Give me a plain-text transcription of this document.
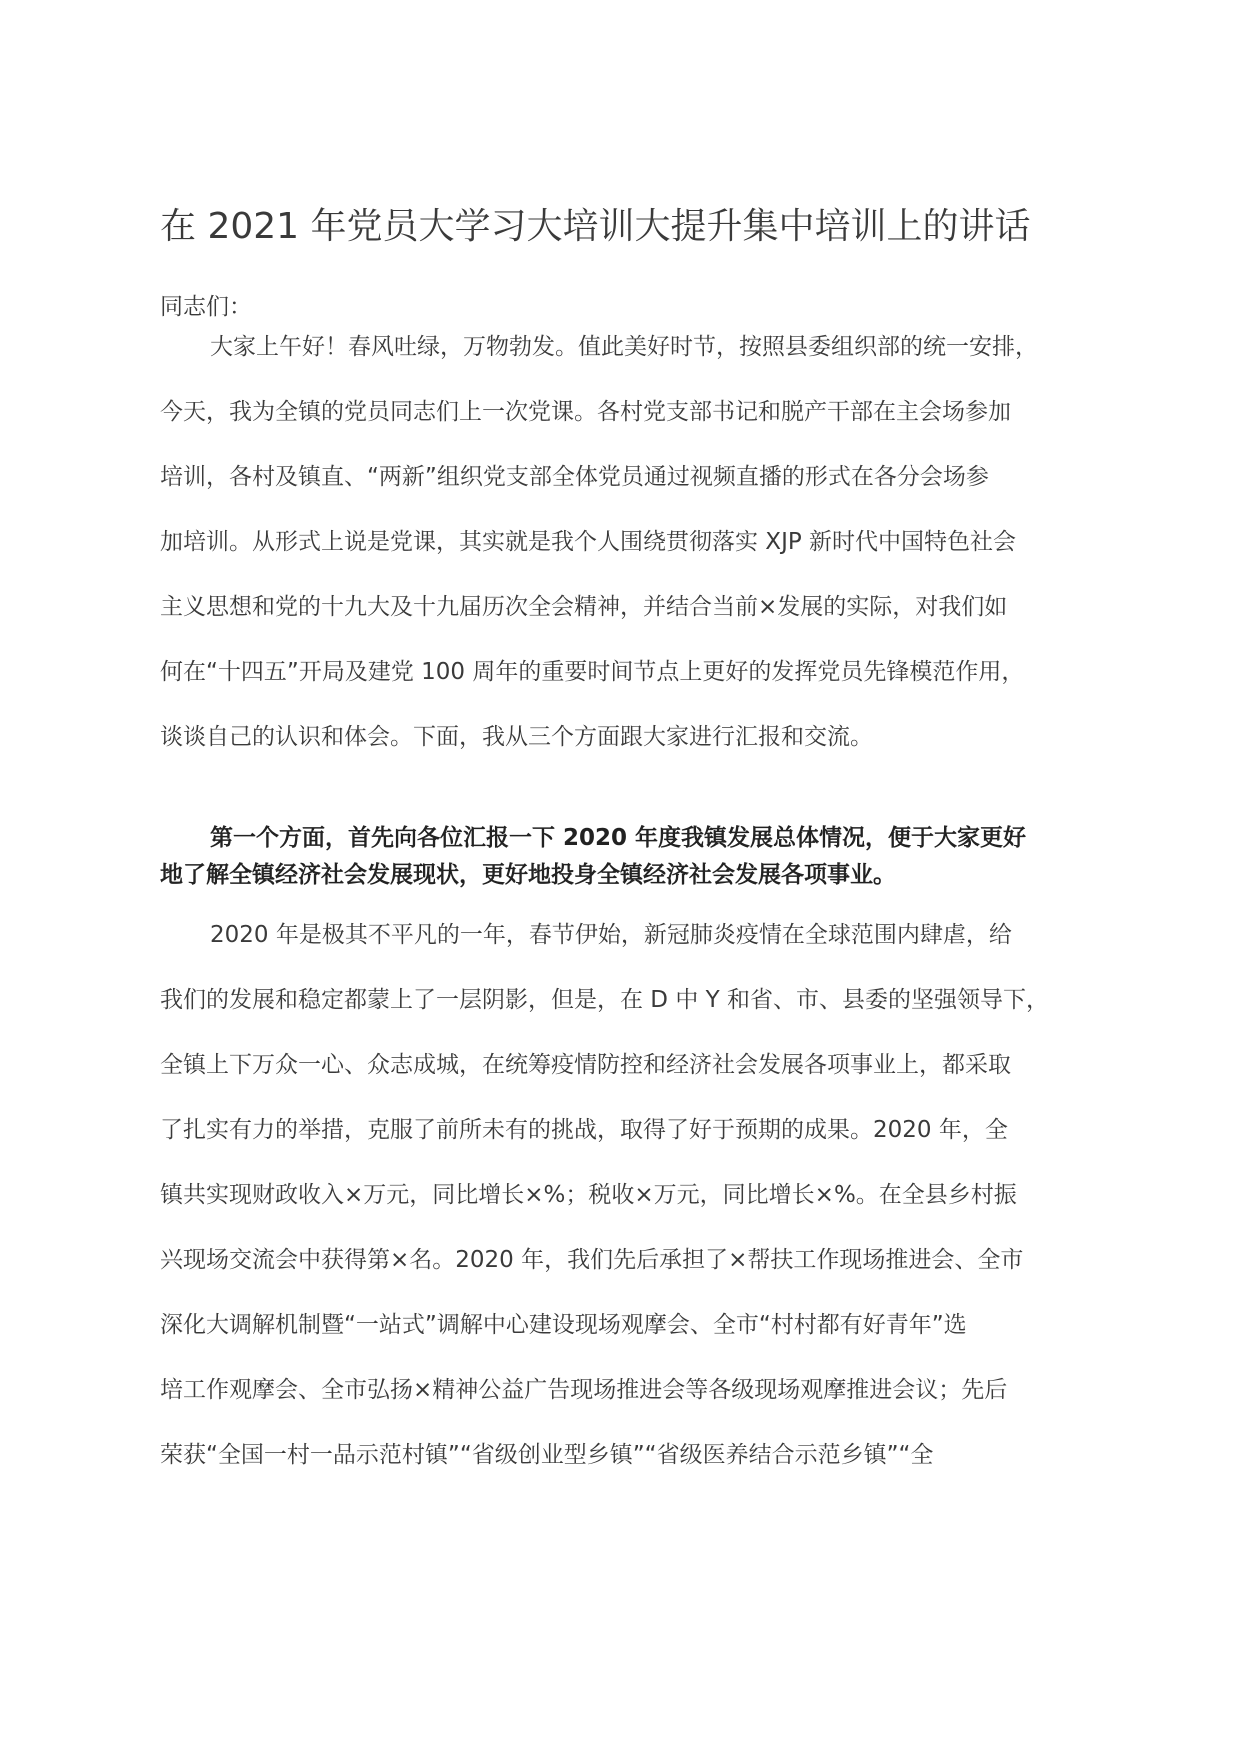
在 2021 年党员大学习大培训大提升集中培训上的讲话
同志们：
大家上午好！春风吐绿，万物勃发。值此美好时节，按照县委组织部的统一安排，
今天，我为全镇的党员同志们上一次党课。各村党支部书记和脱产干部在主会场参加
培训，各村及镇直、“两新”组织党支部全体党员通过视频直播的形式在各分会场参
加培训。从形式上说是党课，其实就是我个人围绕贯彻落实 XJP 新时代中国特色社会
主义思想和党的十九大及十九届历次全会精神，并结合当前×发展的实际，对我们如
何在“十四五”开局及建党 100 周年的重要时间节点上更好的发挥党员先锋模范作用，
谈谈自己的认识和体会。下面，我从三个方面跟大家进行汇报和交流。
第一个方面，首先向各位汇报一下 2020 年度我镇发展总体情况，便于大家更好
地了解全镇经济社会发展现状，更好地投身全镇经济社会发展各项事业。
2020 年是极其不平凡的一年，春节伊始，新冠肺炎疫情在全球范围内肆虐，给
我们的发展和稳定都蒙上了一层阴影，但是，在 D 中 Y 和省、市、县委的坚强领导下，
全镇上下万众一心、众志成城，在统筹疫情防控和经济社会发展各项事业上，都采取
了扎实有力的举措，克服了前所未有的挑战，取得了好于预期的成果。2020 年，全
镇共实现财政收入×万元，同比增长×%；税收×万元，同比增长×%。在全县乡村振
兴现场交流会中获得第×名。2020 年，我们先后承担了×帮扶工作现场推进会、全市
深化大调解机制暨“一站式”调解中心建设现场观摩会、全市“村村都有好青年”选
培工作观摩会、全市弘扬×精神公益广告现场推进会等各级现场观摩推进会议；先后
荣获“全国一村一品示范村镇”“省级创业型乡镇”“省级医养结合示范乡镇”“全
